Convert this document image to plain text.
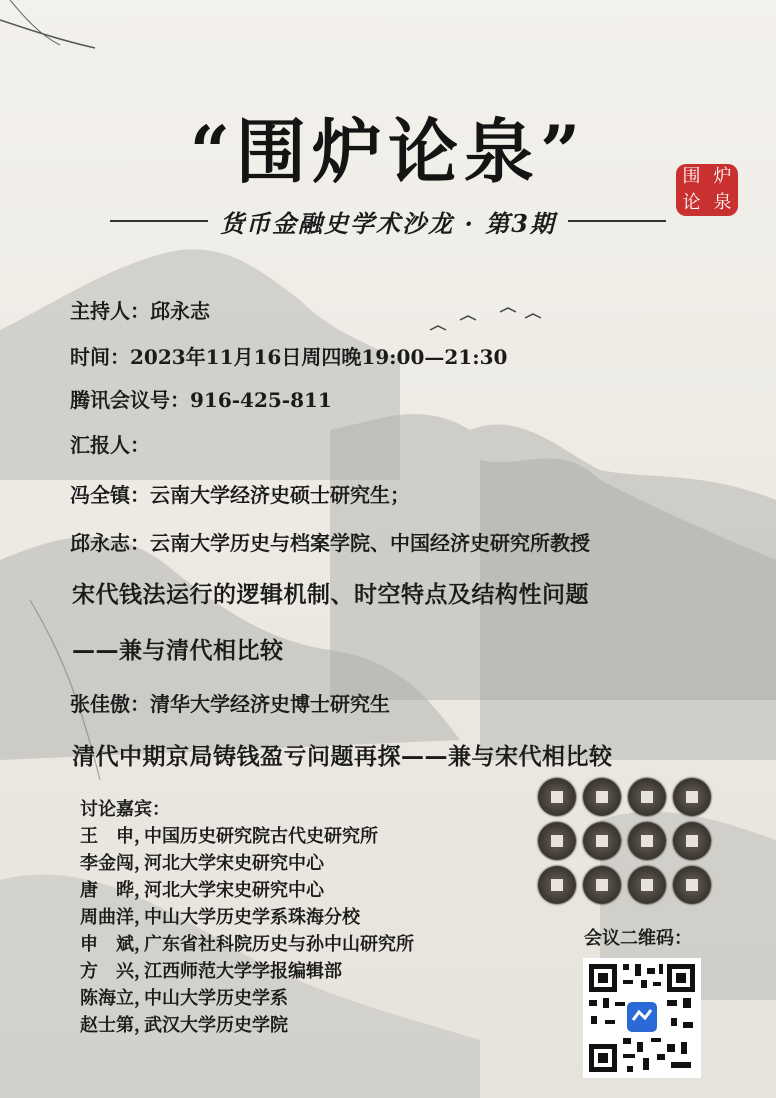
“围炉论泉”
货币金融史学术沙龙 · 第3期
围 炉
论 泉
主持人：邱永志
时间：2023年11月16日周四晚19:00—21:30
腾讯会议号：916-425-811
汇报人：
冯全镇：云南大学经济史硕士研究生；
邱永志：云南大学历史与档案学院、中国经济史研究所教授
宋代钱法运行的逻辑机制、时空特点及结构性问题
——兼与清代相比较
张佳傲：清华大学经济史博士研究生
清代中期京局铸钱盈亏问题再探——兼与宋代相比较
讨论嘉宾：
王　申，中国历史研究院古代史研究所
李金闯，河北大学宋史研究中心
唐　晔，河北大学宋史研究中心
周曲洋，中山大学历史学系珠海分校
申　斌，广东省社科院历史与孙中山研究所
方　兴，江西师范大学学报编辑部
陈海立，中山大学历史学系
赵士第，武汉大学历史学院
会议二维码：
